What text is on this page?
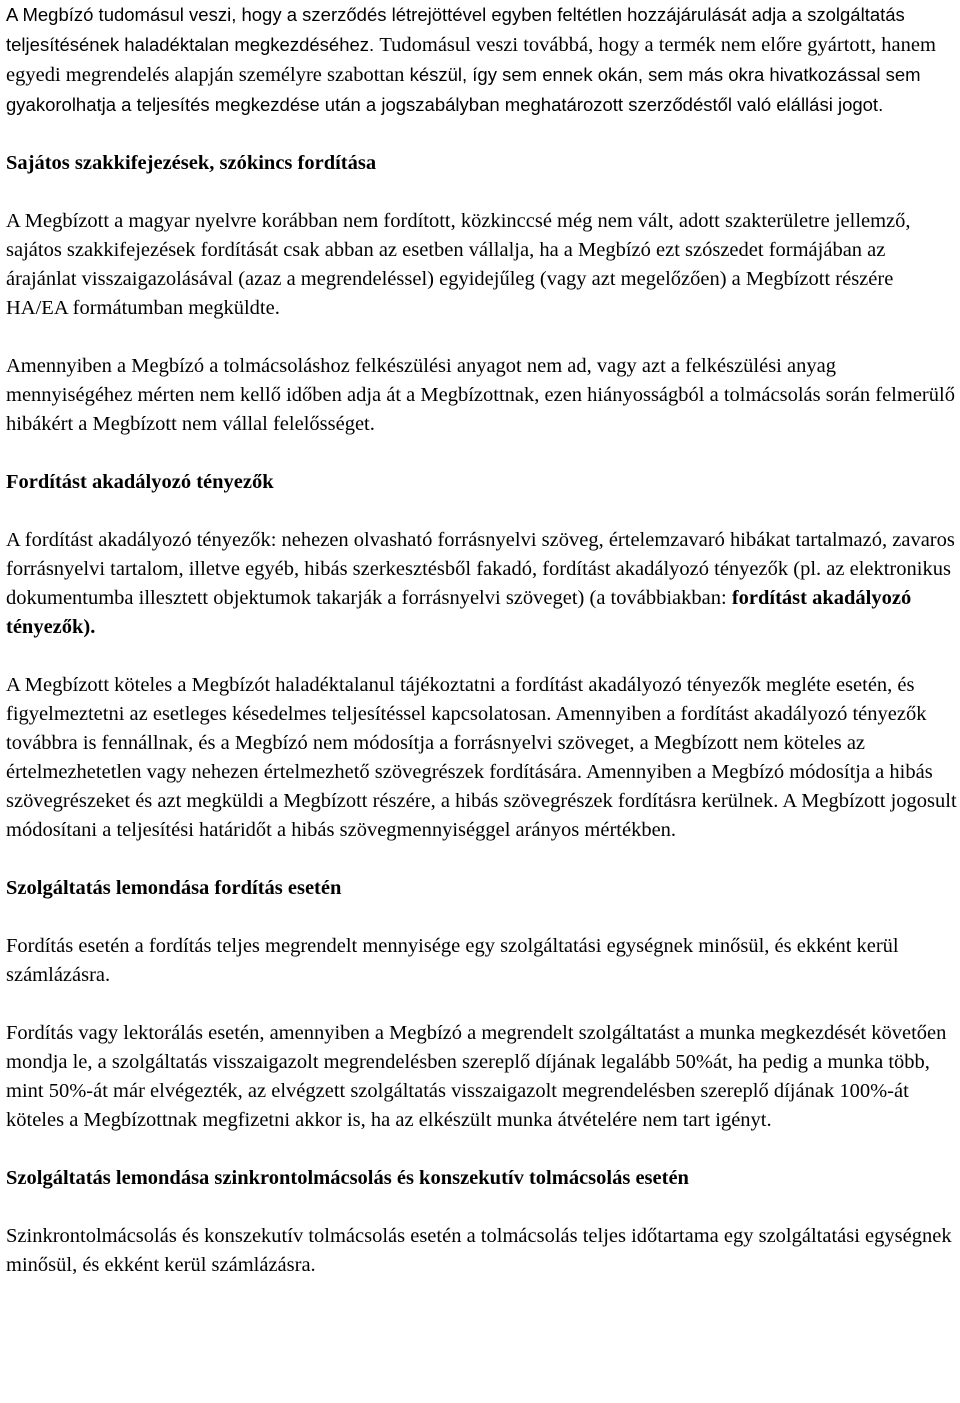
A Megbízó tudomásul veszi, hogy a szerződés létrejöttével egyben feltétlen hozzájárulását adja a szolgáltatás teljesítésének haladéktalan megkezdéséhez. Tudomásul veszi továbbá, hogy a termék nem előre gyártott, hanem egyedi megrendelés alapján személyre szabottan készül, így sem ennek okán, sem más okra hivatkozással sem gyakorolhatja a teljesítés megkezdése után a jogszabályban meghatározott szerződéstől való elállási jogot.

Sajátos szakkifejezések, szókincs fordítása

A Megbízott a magyar nyelvre korábban nem fordított, közkinccsé még nem vált, adott szakterületre jellemző, sajátos szakkifejezések fordítását csak abban az esetben vállalja, ha a Megbízó ezt szószedet formájában az árajánlat visszaigazolásával (azaz a megrendeléssel) egyidejűleg (vagy azt megelőzően) a Megbízott részére HA/EA formátumban megküldte.

Amennyiben a Megbízó a tolmácsoláshoz felkészülési anyagot nem ad, vagy azt a felkészülési anyag mennyiségéhez mérten nem kellő időben adja át a Megbízottnak, ezen hiányosságból a tolmácsolás során felmerülő hibákért a Megbízott nem vállal felelősséget.

Fordítást akadályozó tényezők

A fordítást akadályozó tényezők: nehezen olvasható forrásnyelvi szöveg, értelemzavaró hibákat tartalmazó, zavaros forrásnyelvi tartalom, illetve egyéb, hibás szerkesztésből fakadó, fordítást akadályozó tényezők (pl. az elektronikus dokumentumba illesztett objektumok takarják a forrásnyelvi szöveget) (a továbbiakban: fordítást akadályozó tényezők).

A Megbízott köteles a Megbízót haladéktalanul tájékoztatni a fordítást akadályozó tényezők megléte esetén, és figyelmeztetni az esetleges késedelmes teljesítéssel kapcsolatosan. Amennyiben a fordítást akadályozó tényezők továbbra is fennállnak, és a Megbízó nem módosítja a forrásnyelvi szöveget, a Megbízott nem köteles az értelmezhetetlen vagy nehezen értelmezhető szövegrészek fordítására. Amennyiben a Megbízó módosítja a hibás szövegrészeket és azt megküldi a Megbízott részére, a hibás szövegrészek fordításra kerülnek. A Megbízott jogosult módosítani a teljesítési határidőt a hibás szövegmennyiséggel arányos mértékben.

Szolgáltatás lemondása fordítás esetén

Fordítás esetén a fordítás teljes megrendelt mennyisége egy szolgáltatási egységnek minősül, és ekként kerül számlázásra.

Fordítás vagy lektorálás esetén, amennyiben a Megbízó a megrendelt szolgáltatást a munka megkezdését követően mondja le, a szolgáltatás visszaigazolt megrendelésben szereplő díjának legalább 50%át, ha pedig a munka több, mint 50%-át már elvégezték, az elvégzett szolgáltatás visszaigazolt megrendelésben szereplő díjának 100%-át köteles a Megbízottnak megfizetni akkor is, ha az elkészült munka átvételére nem tart igényt.

Szolgáltatás lemondása szinkrontolmácsolás és konszekutív tolmácsolás esetén

Szinkrontolmácsolás és konszekutív tolmácsolás esetén a tolmácsolás teljes időtartama egy szolgáltatási egységnek minősül, és ekként kerül számlázásra.
